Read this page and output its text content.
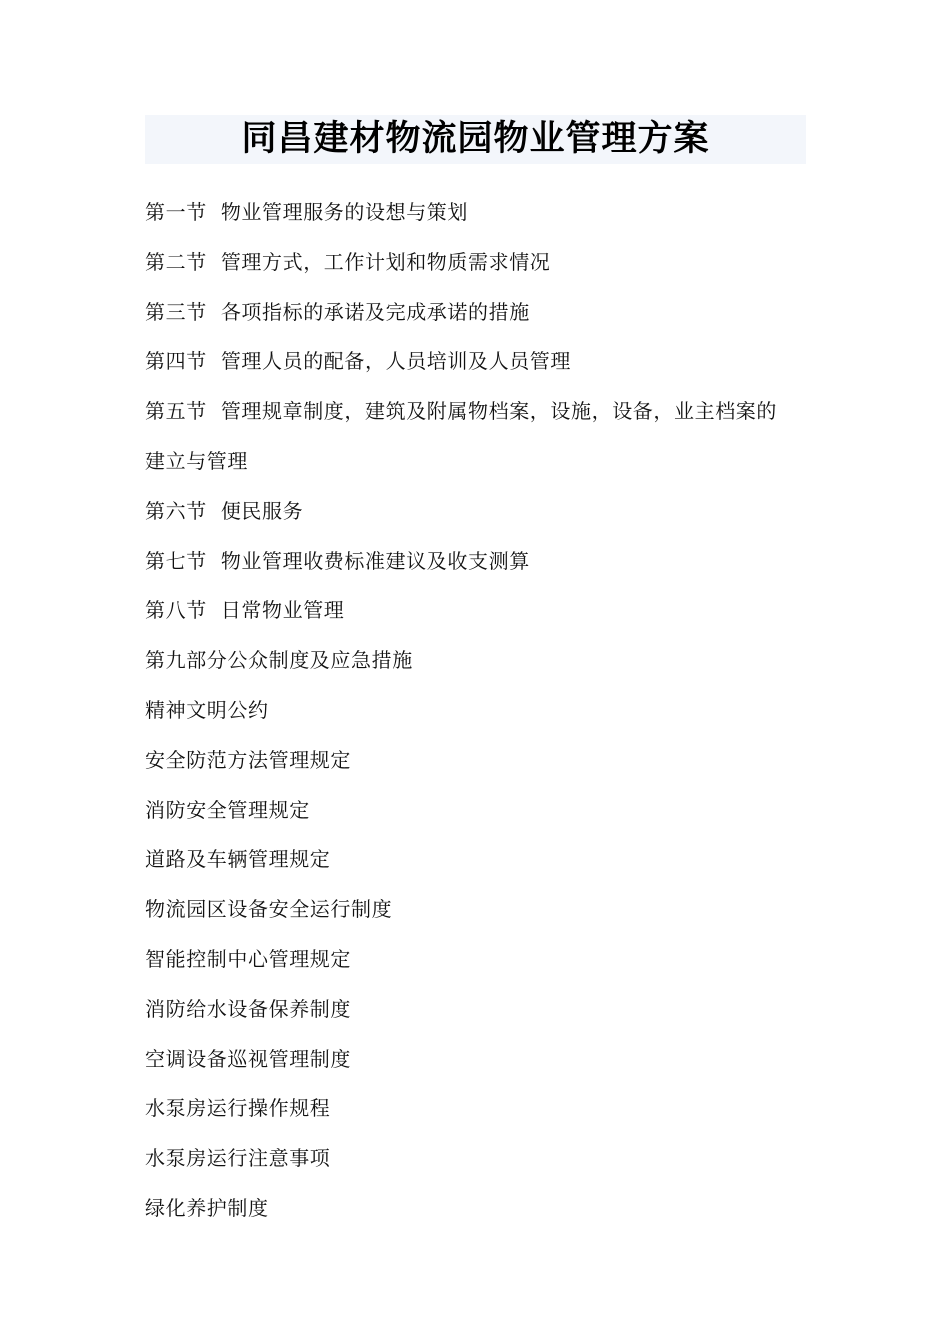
同昌建材物流园物业管理方案
第一节 物业管理服务的设想与策划
第二节 管理方式，工作计划和物质需求情况
第三节 各项指标的承诺及完成承诺的措施
第四节 管理人员的配备，人员培训及人员管理
第五节 管理规章制度，建筑及附属物档案，设施，设备，业主档案的
建立与管理
第六节 便民服务
第七节 物业管理收费标准建议及收支测算
第八节 日常物业管理
第九部分公众制度及应急措施
精神文明公约
安全防范方法管理规定
消防安全管理规定
道路及车辆管理规定
物流园区设备安全运行制度
智能控制中心管理规定
消防给水设备保养制度
空调设备巡视管理制度
水泵房运行操作规程
水泵房运行注意事项
绿化养护制度
